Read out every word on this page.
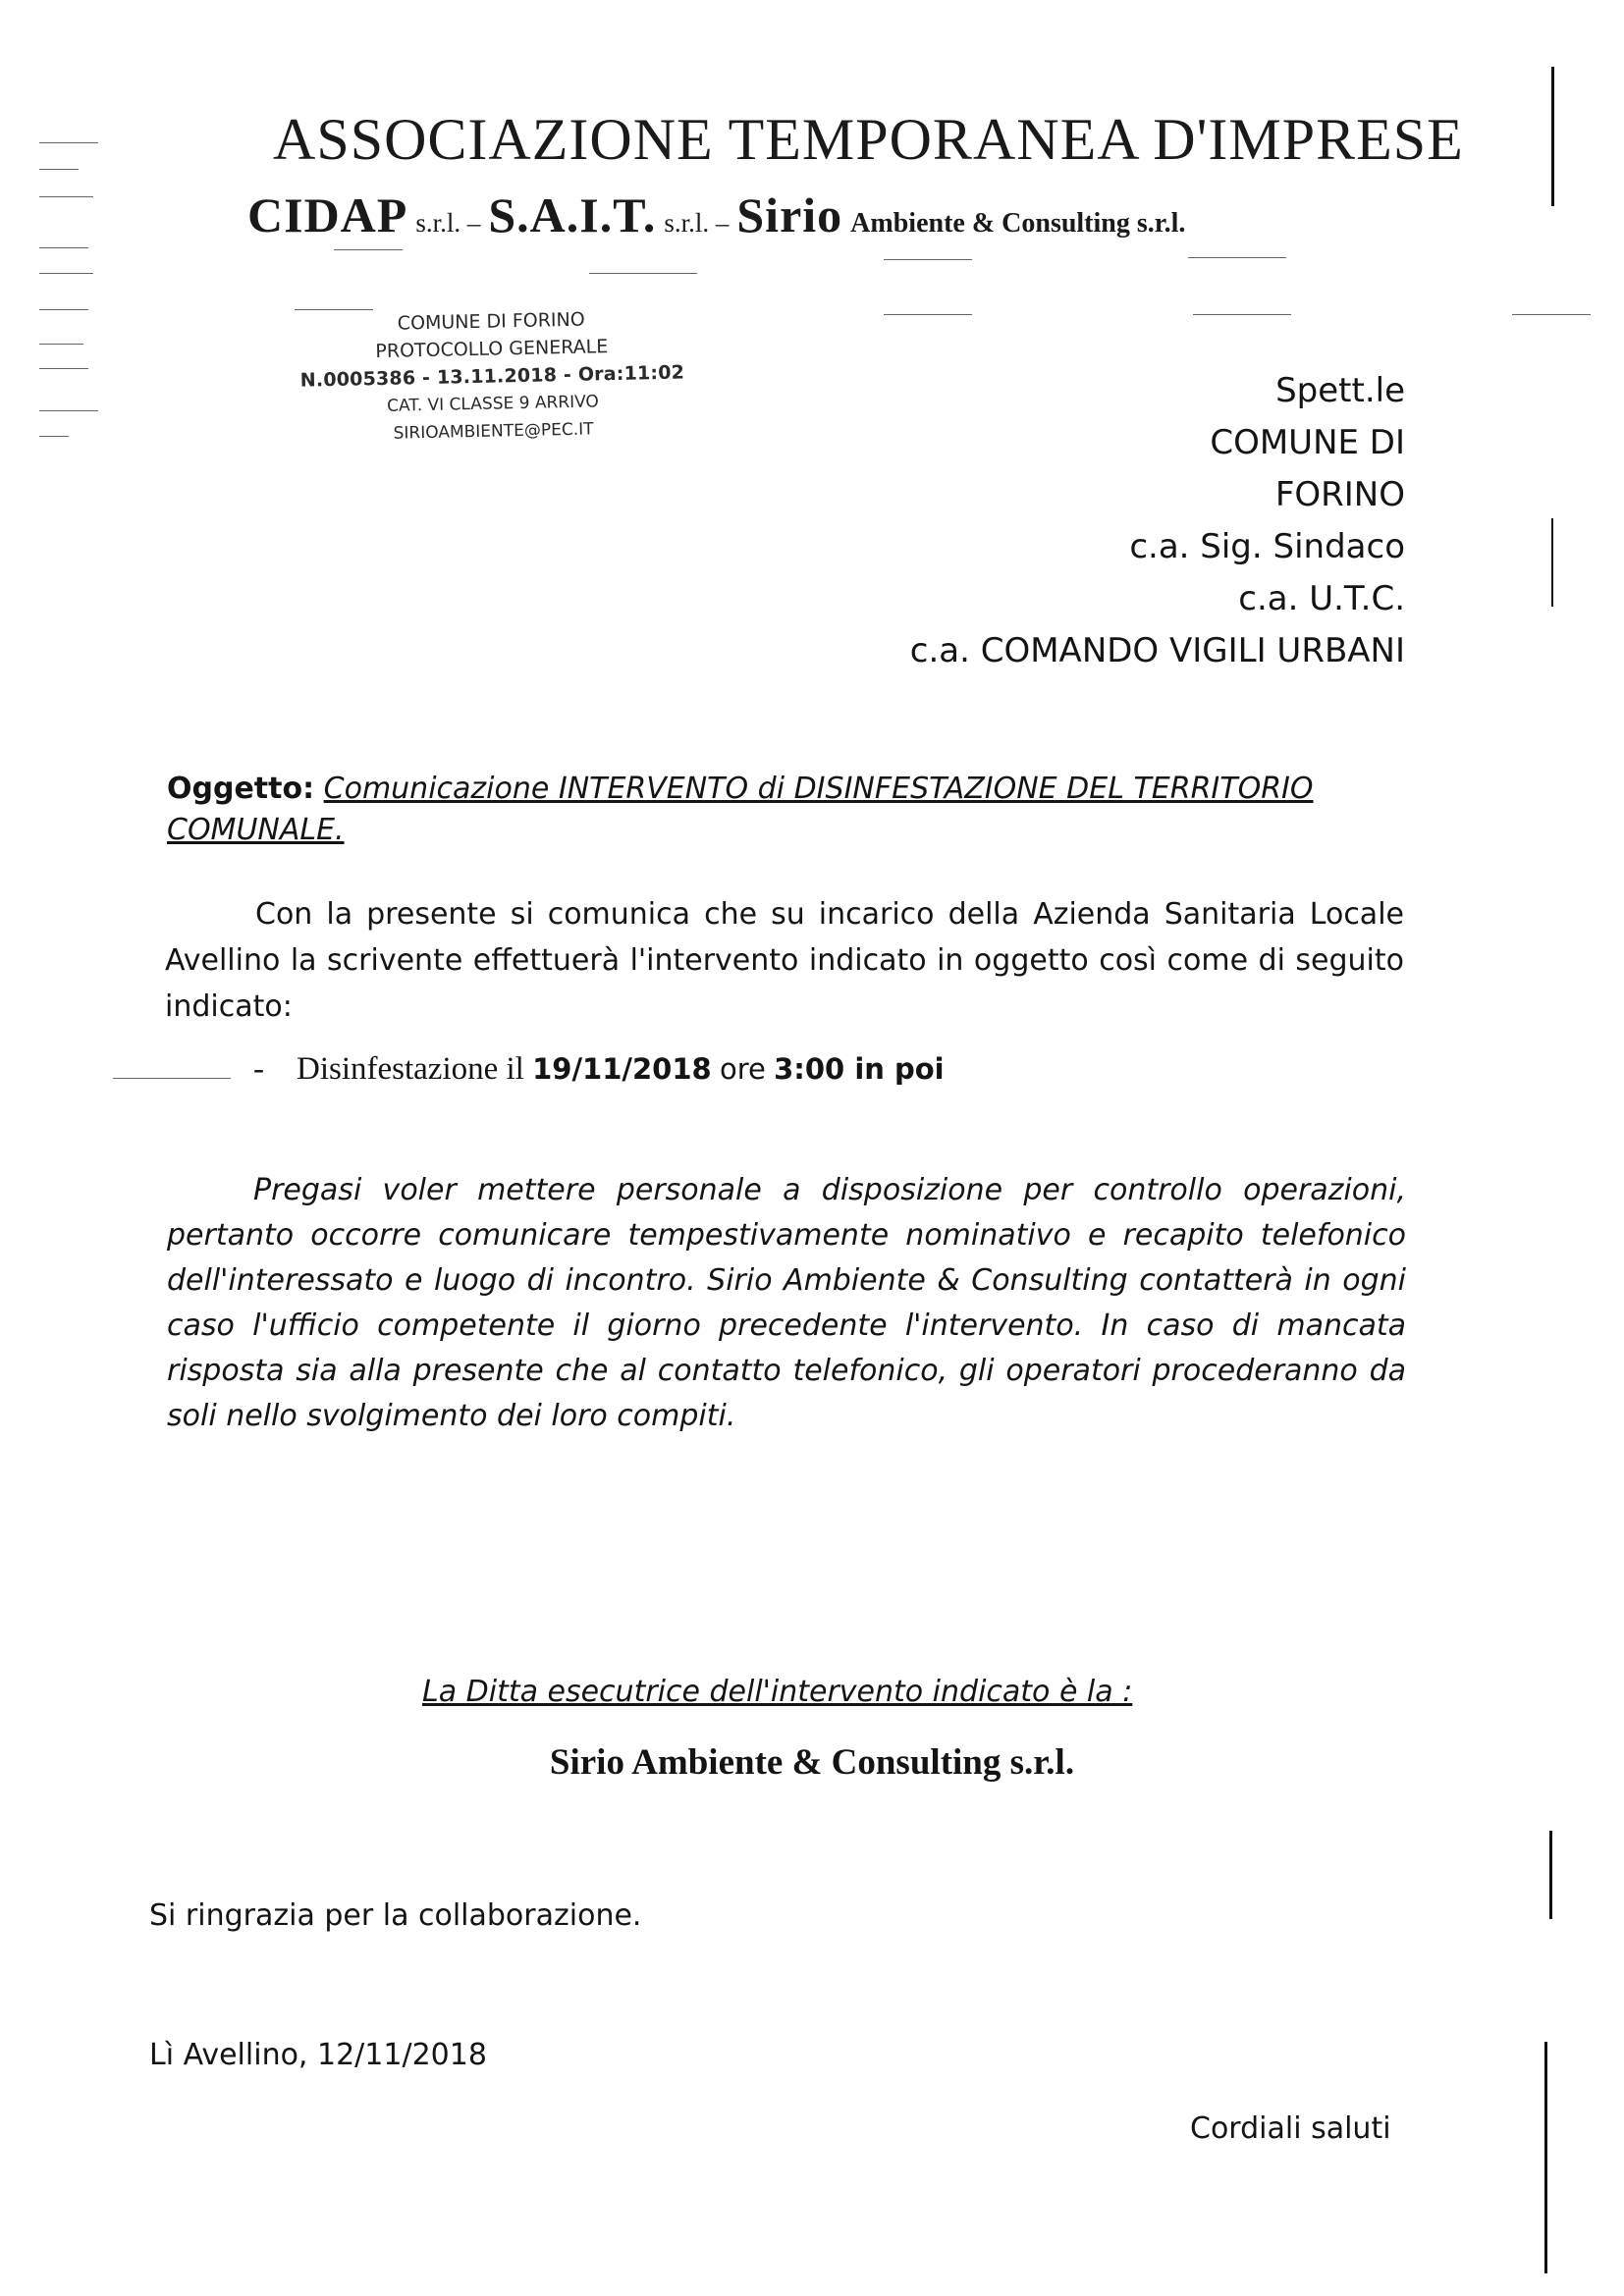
ASSOCIAZIONE TEMPORANEA D'IMPRESE
CIDAP s.r.l. – S.A.I.T. s.r.l. – Sirio Ambiente & Consulting s.r.l.
COMUNE DI FORINO
PROTOCOLLO GENERALE
N.0005386 - 13.11.2018 - Ora:11:02
CAT. VI CLASSE 9 ARRIVO
SIRIOAMBIENTE@PEC.IT
Spett.le
COMUNE DI
FORINO
c.a. Sig. Sindaco
c.a. U.T.C.
c.a. COMANDO VIGILI URBANI
Oggetto: Comunicazione INTERVENTO di DISINFESTAZIONE DEL TERRITORIO COMUNALE.
Con la presente si comunica che su incarico della Azienda Sanitaria Locale Avellino la scrivente effettuerà l'intervento indicato in oggetto così come di seguito indicato:
- Disinfestazione il 19/11/2018 ore 3:00 in poi
Pregasi voler mettere personale a disposizione per controllo operazioni, pertanto occorre comunicare tempestivamente nominativo e recapito telefonico dell'interessato e luogo di incontro. Sirio Ambiente & Consulting contatterà in ogni caso l'ufficio competente il giorno precedente l'intervento. In caso di mancata risposta sia alla presente che al contatto telefonico, gli operatori procederanno da soli nello svolgimento dei loro compiti.
La Ditta esecutrice dell'intervento indicato è la :
Sirio Ambiente & Consulting s.r.l.
Si ringrazia per la collaborazione.
Lì Avellino, 12/11/2018
Cordiali saluti
